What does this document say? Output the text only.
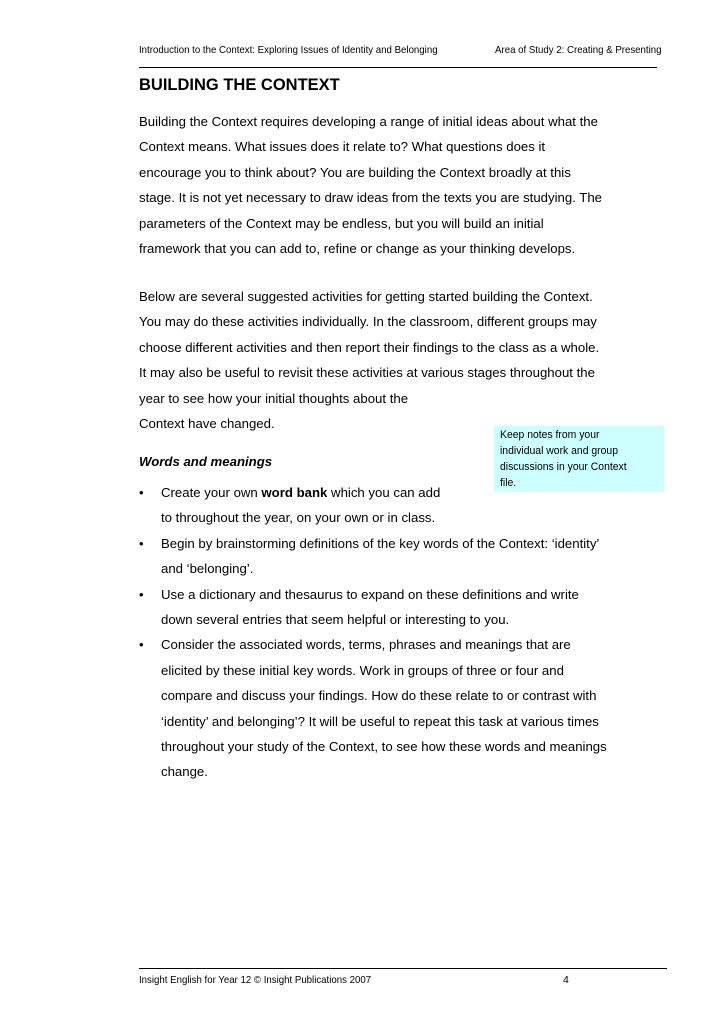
Introduction to the Context: Exploring Issues of Identity and Belonging	Area of Study 2: Creating & Presenting
BUILDING THE CONTEXT
Building the Context requires developing a range of initial ideas about what the
Context means. What issues does it relate to? What questions does it
encourage you to think about? You are building the Context broadly at this
stage. It is not yet necessary to draw ideas from the texts you are studying. The
parameters of the Context may be endless, but you will build an initial
framework that you can add to, refine or change as your thinking develops.
Below are several suggested activities for getting started building the Context.
You may do these activities individually. In the classroom, different groups may
choose different activities and then report their findings to the class as a whole.
It may also be useful to revisit these activities at various stages throughout the
year to see how your initial thoughts about the
Context have changed.
Keep notes from your
individual work and group
discussions in your Context
file.
Words and meanings
• Create your own word bank which you can add
to throughout the year, on your own or in class.
• Begin by brainstorming definitions of the key words of the Context: ‘identity’
and ‘belonging’.
• Use a dictionary and thesaurus to expand on these definitions and write
down several entries that seem helpful or interesting to you.
• Consider the associated words, terms, phrases and meanings that are
elicited by these initial key words. Work in groups of three or four and
compare and discuss your findings. How do these relate to or contrast with
‘identity’ and belonging’? It will be useful to repeat this task at various times
throughout your study of the Context, to see how these words and meanings
change.
Insight English for Year 12 © Insight Publications 2007	4
